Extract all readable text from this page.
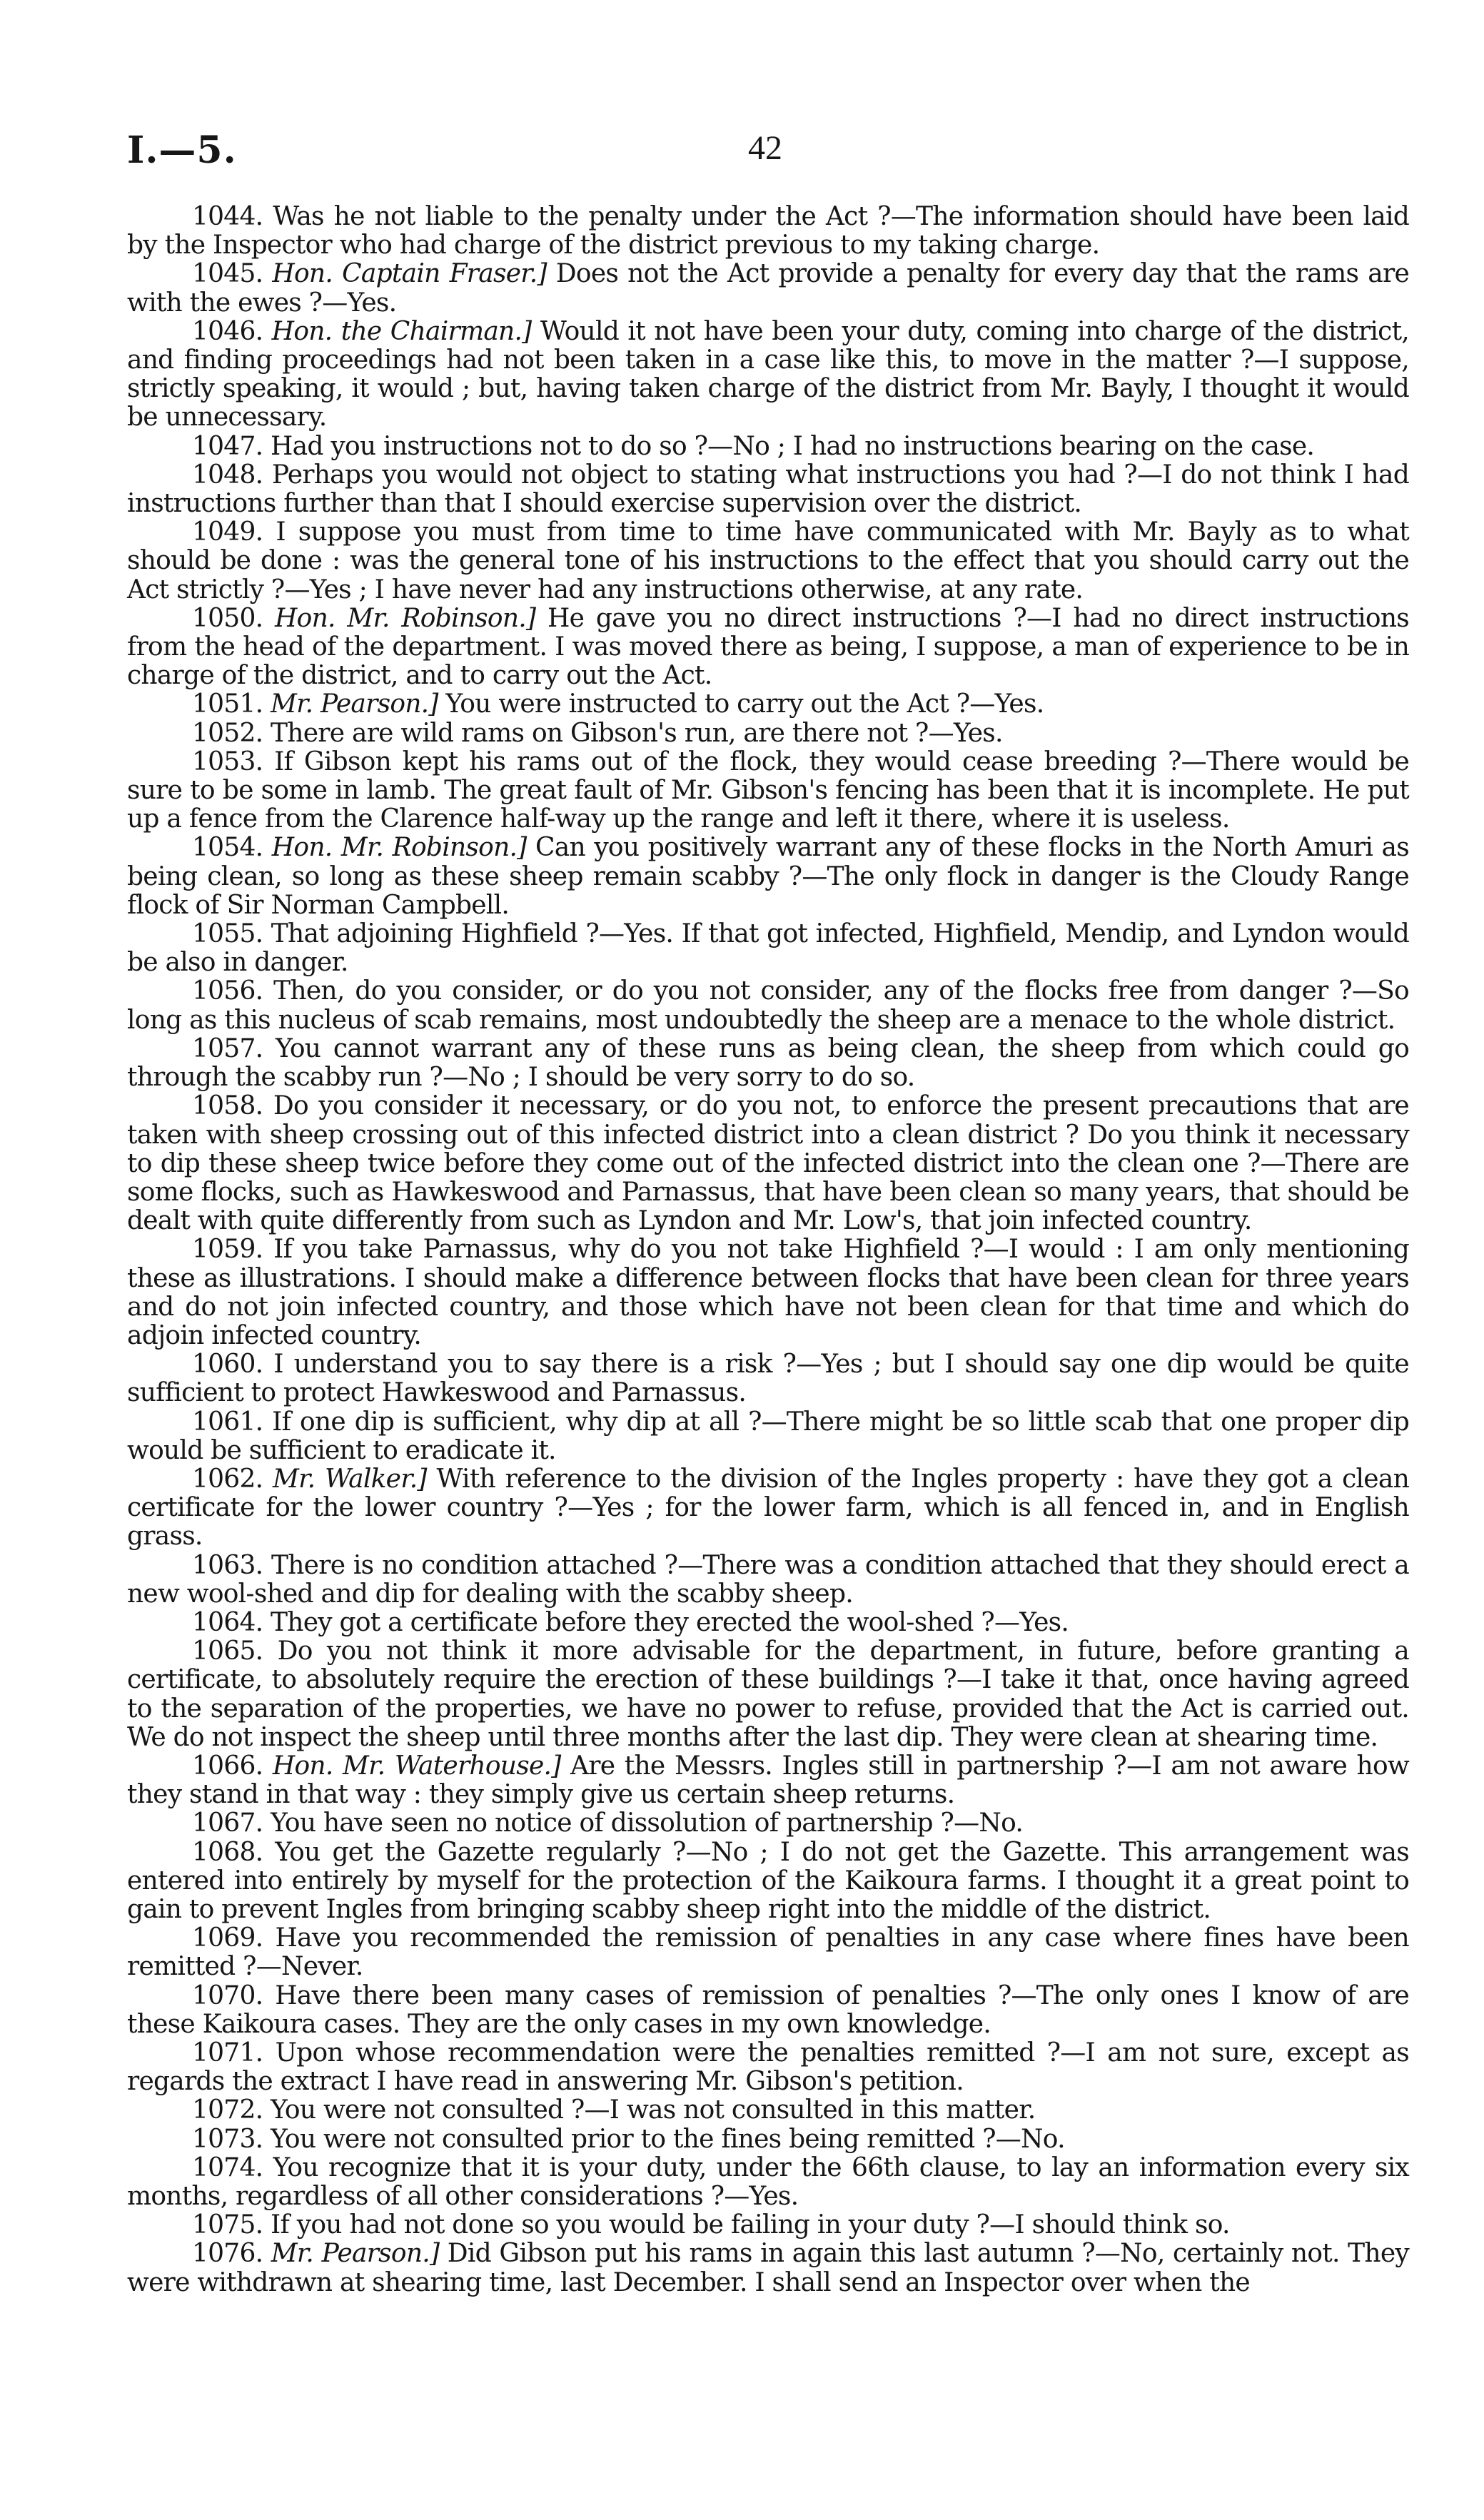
I.—5.	42

1044. Was he not liable to the penalty under the Act ?—The information should have been laid by the Inspector who had charge of the district previous to my taking charge.

1045. Hon. Captain Fraser.] Does not the Act provide a penalty for every day that the rams are with the ewes ?—Yes.

1046. Hon. the Chairman.] Would it not have been your duty, coming into charge of the district, and finding proceedings had not been taken in a case like this, to move in the matter ?—I suppose, strictly speaking, it would ; but, having taken charge of the district from Mr. Bayly, I thought it would be unnecessary.

1047. Had you instructions not to do so ?—No ; I had no instructions bearing on the case.

1048. Perhaps you would not object to stating what instructions you had ?—I do not think I had instructions further than that I should exercise supervision over the district.

1049. I suppose you must from time to time have communicated with Mr. Bayly as to what should be done : was the general tone of his instructions to the effect that you should carry out the Act strictly ?—Yes ; I have never had any instructions otherwise, at any rate.

1050. Hon. Mr. Robinson.] He gave you no direct instructions ?—I had no direct instructions from the head of the department. I was moved there as being, I suppose, a man of experience to be in charge of the district, and to carry out the Act.

1051. Mr. Pearson.] You were instructed to carry out the Act ?—Yes.

1052. There are wild rams on Gibson's run, are there not ?—Yes.

1053. If Gibson kept his rams out of the flock, they would cease breeding ?—There would be sure to be some in lamb. The great fault of Mr. Gibson's fencing has been that it is incomplete. He put up a fence from the Clarence half-way up the range and left it there, where it is useless.

1054. Hon. Mr. Robinson.] Can you positively warrant any of these flocks in the North Amuri as being clean, so long as these sheep remain scabby ?—The only flock in danger is the Cloudy Range flock of Sir Norman Campbell.

1055. That adjoining Highfield ?—Yes. If that got infected, Highfield, Mendip, and Lyndon would be also in danger.

1056. Then, do you consider, or do you not consider, any of the flocks free from danger ?—So long as this nucleus of scab remains, most undoubtedly the sheep are a menace to the whole district.

1057. You cannot warrant any of these runs as being clean, the sheep from which could go through the scabby run ?—No ; I should be very sorry to do so.

1058. Do you consider it necessary, or do you not, to enforce the present precautions that are taken with sheep crossing out of this infected district into a clean district ? Do you think it necessary to dip these sheep twice before they come out of the infected district into the clean one ?—There are some flocks, such as Hawkeswood and Parnassus, that have been clean so many years, that should be dealt with quite differently from such as Lyndon and Mr. Low's, that join infected country.

1059. If you take Parnassus, why do you not take Highfield ?—I would : I am only mentioning these as illustrations. I should make a difference between flocks that have been clean for three years and do not join infected country, and those which have not been clean for that time and which do adjoin infected country.

1060. I understand you to say there is a risk ?—Yes ; but I should say one dip would be quite sufficient to protect Hawkeswood and Parnassus.

1061. If one dip is sufficient, why dip at all ?—There might be so little scab that one proper dip would be sufficient to eradicate it.

1062. Mr. Walker.] With reference to the division of the Ingles property : have they got a clean certificate for the lower country ?—Yes ; for the lower farm, which is all fenced in, and in English grass.

1063. There is no condition attached ?—There was a condition attached that they should erect a new wool-shed and dip for dealing with the scabby sheep.

1064. They got a certificate before they erected the wool-shed ?—Yes.

1065. Do you not think it more advisable for the department, in future, before granting a certificate, to absolutely require the erection of these buildings ?—I take it that, once having agreed to the separation of the properties, we have no power to refuse, provided that the Act is carried out. We do not inspect the sheep until three months after the last dip. They were clean at shearing time.

1066. Hon. Mr. Waterhouse.] Are the Messrs. Ingles still in partnership ?—I am not aware how they stand in that way : they simply give us certain sheep returns.

1067. You have seen no notice of dissolution of partnership ?—No.

1068. You get the Gazette regularly ?—No ; I do not get the Gazette. This arrangement was entered into entirely by myself for the protection of the Kaikoura farms. I thought it a great point to gain to prevent Ingles from bringing scabby sheep right into the middle of the district.

1069. Have you recommended the remission of penalties in any case where fines have been remitted ?—Never.

1070. Have there been many cases of remission of penalties ?—The only ones I know of are these Kaikoura cases. They are the only cases in my own knowledge.

1071. Upon whose recommendation were the penalties remitted ?—I am not sure, except as regards the extract I have read in answering Mr. Gibson's petition.

1072. You were not consulted ?—I was not consulted in this matter.

1073. You were not consulted prior to the fines being remitted ?—No.

1074. You recognize that it is your duty, under the 66th clause, to lay an information every six months, regardless of all other considerations ?—Yes.

1075. If you had not done so you would be failing in your duty ?—I should think so.

1076. Mr. Pearson.] Did Gibson put his rams in again this last autumn ?—No, certainly not. They were withdrawn at shearing time, last December. I shall send an Inspector over when the
